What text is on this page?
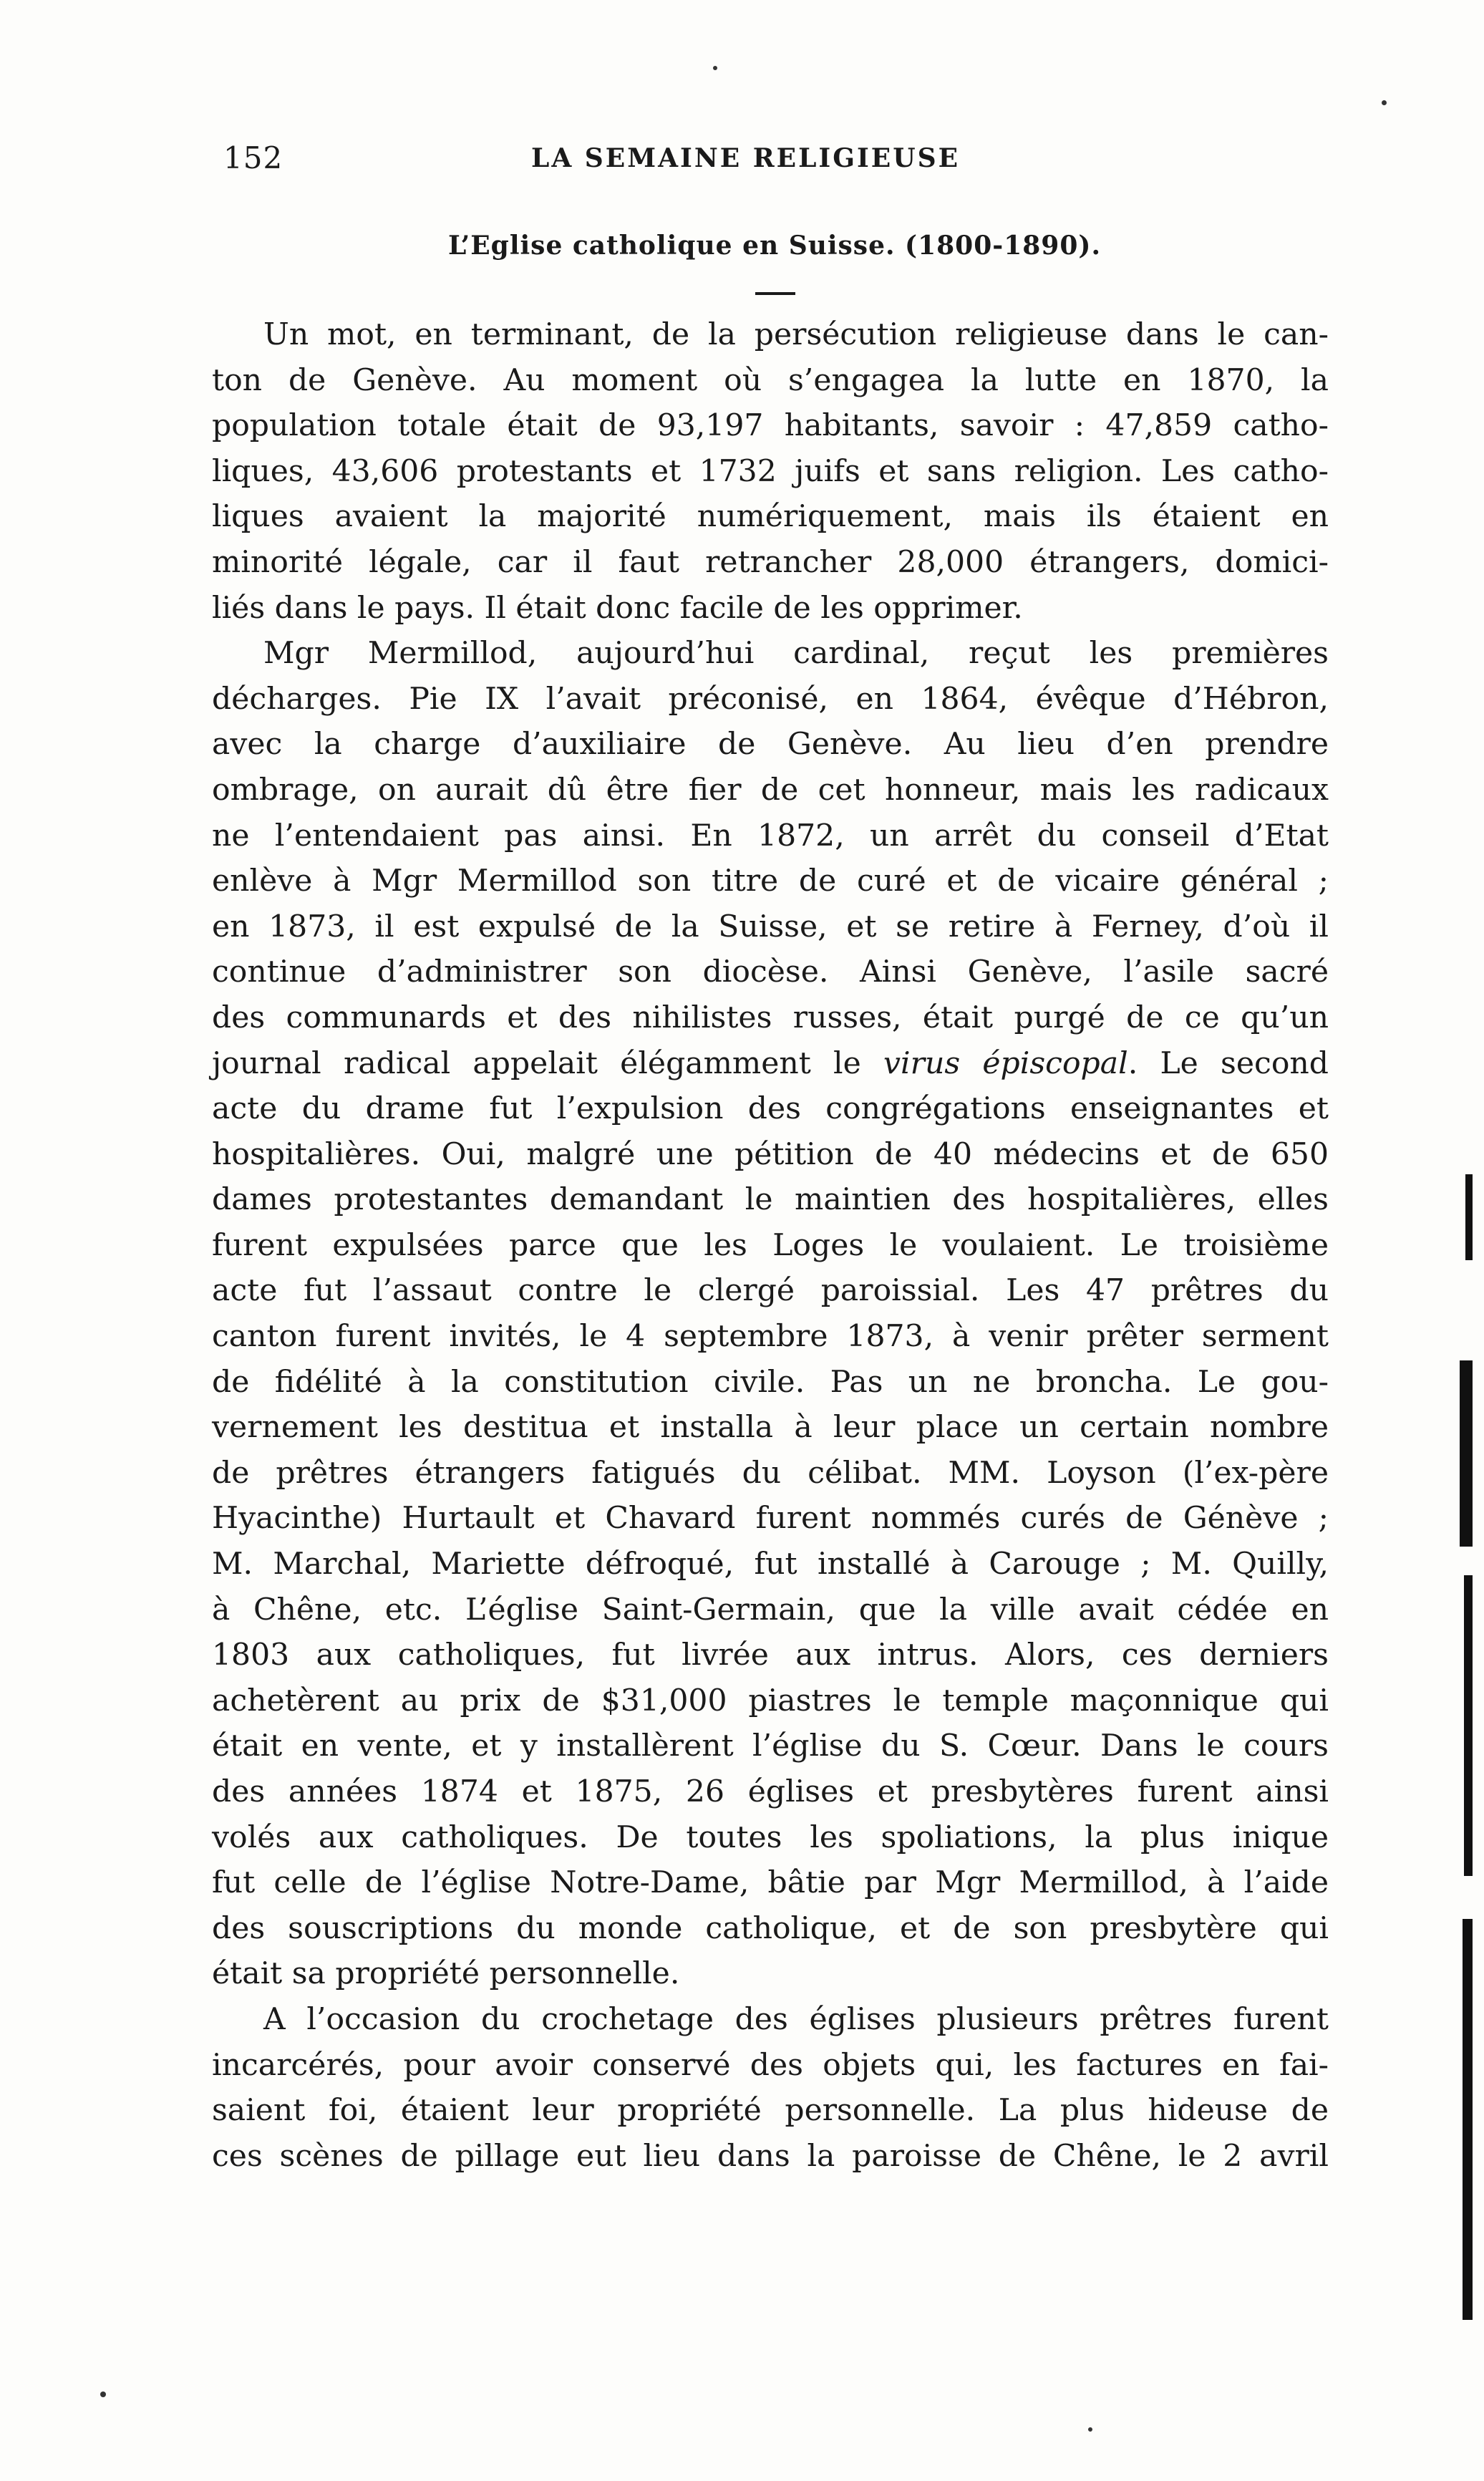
152	LA SEMAINE RELIGIEUSE
L’Eglise catholique en Suisse. (1800-1890).
Un mot, en terminant, de la persécution religieuse dans le can-
ton de Genève. Au moment où s’engagea la lutte en 1870, la
population totale était de 93,197 habitants, savoir : 47,859 catho-
liques, 43,606 protestants et 1732 juifs et sans religion. Les catho-
liques avaient la majorité numériquement, mais ils étaient en
minorité légale, car il faut retrancher 28,000 étrangers, domici-
liés dans le pays. Il était donc facile de les opprimer.
Mgr Mermillod, aujourd’hui cardinal, reçut les premières
décharges. Pie IX l’avait préconisé, en 1864, évêque d’Hébron,
avec la charge d’auxiliaire de Genève. Au lieu d’en prendre
ombrage, on aurait dû être fier de cet honneur, mais les radicaux
ne l’entendaient pas ainsi. En 1872, un arrêt du conseil d’Etat
enlève à Mgr Mermillod son titre de curé et de vicaire général ;
en 1873, il est expulsé de la Suisse, et se retire à Ferney, d’où il
continue d’administrer son diocèse. Ainsi Genève, l’asile sacré
des communards et des nihilistes russes, était purgé de ce qu’un
journal radical appelait élégamment le virus épiscopal. Le second
acte du drame fut l’expulsion des congrégations enseignantes et
hospitalières. Oui, malgré une pétition de 40 médecins et de 650
dames protestantes demandant le maintien des hospitalières, elles
furent expulsées parce que les Loges le voulaient. Le troisième
acte fut l’assaut contre le clergé paroissial. Les 47 prêtres du
canton furent invités, le 4 septembre 1873, à venir prêter serment
de fidélité à la constitution civile. Pas un ne broncha. Le gou-
vernement les destitua et installa à leur place un certain nombre
de prêtres étrangers fatigués du célibat. MM. Loyson (l’ex-père
Hyacinthe) Hurtault et Chavard furent nommés curés de Génève ;
M. Marchal, Mariette défroqué, fut installé à Carouge ; M. Quilly,
à Chêne, etc. L’église Saint-Germain, que la ville avait cédée en
1803 aux catholiques, fut livrée aux intrus. Alors, ces derniers
achetèrent au prix de $31,000 piastres le temple maçonnique qui
était en vente, et y installèrent l’église du S. Cœur. Dans le cours
des années 1874 et 1875, 26 églises et presbytères furent ainsi
volés aux catholiques. De toutes les spoliations, la plus inique
fut celle de l’église Notre-Dame, bâtie par Mgr Mermillod, à l’aide
des souscriptions du monde catholique, et de son presbytère qui
était sa propriété personnelle.
A l’occasion du crochetage des églises plusieurs prêtres furent
incarcérés, pour avoir conservé des objets qui, les factures en fai-
saient foi, étaient leur propriété personnelle. La plus hideuse de
ces scènes de pillage eut lieu dans la paroisse de Chêne, le 2 avril
